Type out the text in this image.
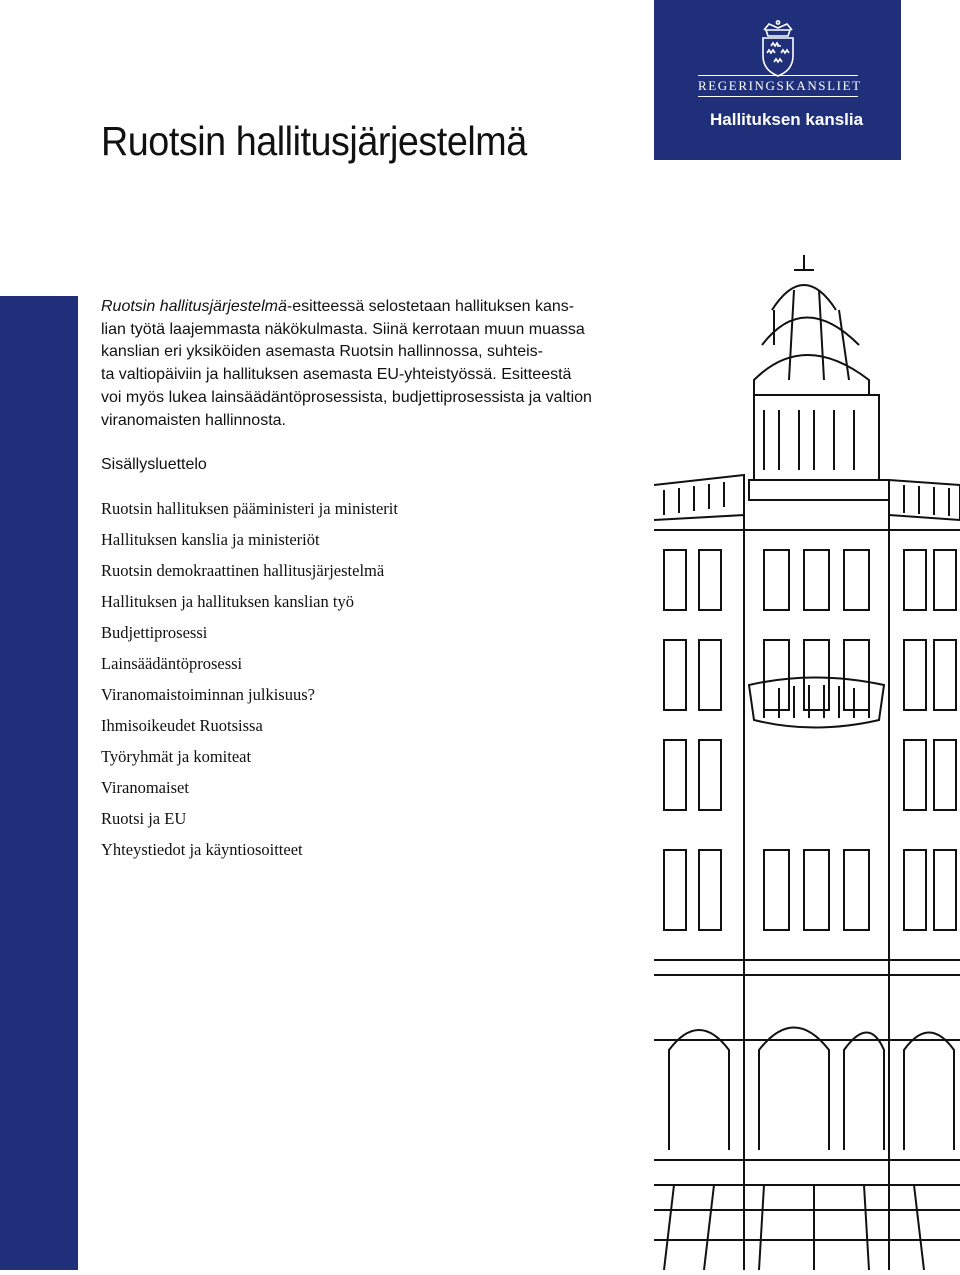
REGERINGSKANSLIET
Hallituksen kanslia
Ruotsin hallitusjärjestelmä
Ruotsin hallitusjärjestelmä-esitteessä selostetaan hallituksen kans-
lian työtä laajemmasta näkökulmasta. Siinä kerrotaan muun muassa
kanslian eri yksiköiden asemasta Ruotsin hallinnossa, suhteis-
ta valtiopäiviin ja hallituksen asemasta EU-yhteistyössä. Esitteestä
voi myös lukea lainsäädäntöprosessista, budjettiprosessista ja valtion
viranomaisten hallinnosta.
Sisällysluettelo
Ruotsin hallituksen pääministeri ja ministerit
Hallituksen kanslia ja ministeriöt
Ruotsin demokraattinen hallitusjärjestelmä
Hallituksen ja hallituksen kanslian työ
Budjettiprosessi
Lainsäädäntöprosessi
Viranomaistoiminnan julkisuus?
Ihmisoikeudet Ruotsissa
Työryhmät ja komiteat
Viranomaiset
Ruotsi ja EU
Yhteystiedot ja käyntiosoitteet
